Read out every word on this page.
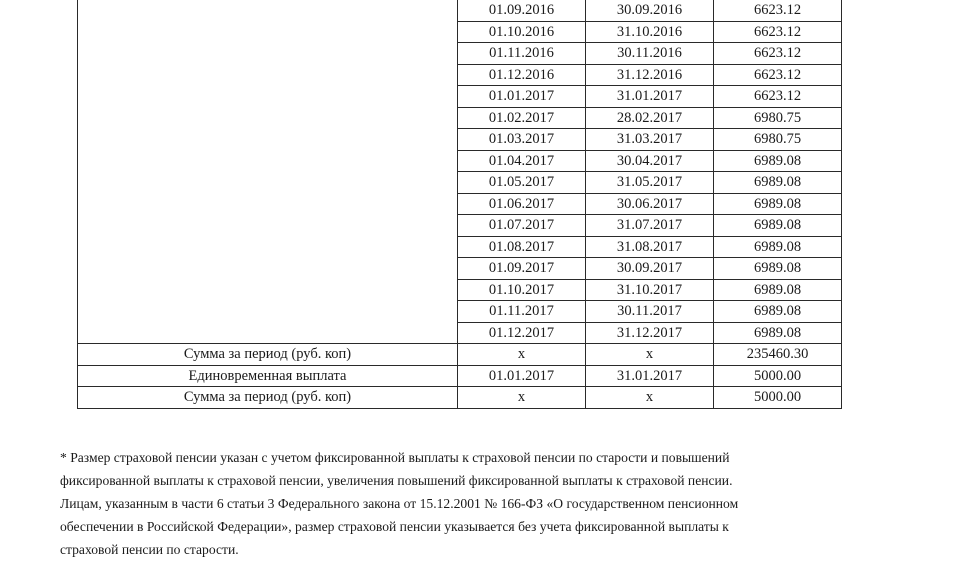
	01.09.2016	30.09.2016	6623.12
	01.10.2016	31.10.2016	6623.12
	01.11.2016	30.11.2016	6623.12
	01.12.2016	31.12.2016	6623.12
	01.01.2017	31.01.2017	6623.12
	01.02.2017	28.02.2017	6980.75
	01.03.2017	31.03.2017	6980.75
	01.04.2017	30.04.2017	6989.08
	01.05.2017	31.05.2017	6989.08
	01.06.2017	30.06.2017	6989.08
	01.07.2017	31.07.2017	6989.08
	01.08.2017	31.08.2017	6989.08
	01.09.2017	30.09.2017	6989.08
	01.10.2017	31.10.2017	6989.08
	01.11.2017	30.11.2017	6989.08
	01.12.2017	31.12.2017	6989.08
Сумма за период (руб. коп)	х	х	235460.30
Единовременная выплата	01.01.2017	31.01.2017	5000.00
Сумма за период (руб. коп)	х	х	5000.00

* Размер страховой пенсии указан с учетом фиксированной выплаты к страховой пенсии по старости и повышений
фиксированной выплаты к страховой пенсии, увеличения повышений фиксированной выплаты к страховой пенсии.
Лицам, указанным в части 6 статьи 3 Федерального закона от 15.12.2001 № 166-ФЗ «О государственном пенсионном
обеспечении в Российской Федерации», размер страховой пенсии указывается без учета фиксированной выплаты к
страховой пенсии по старости.
